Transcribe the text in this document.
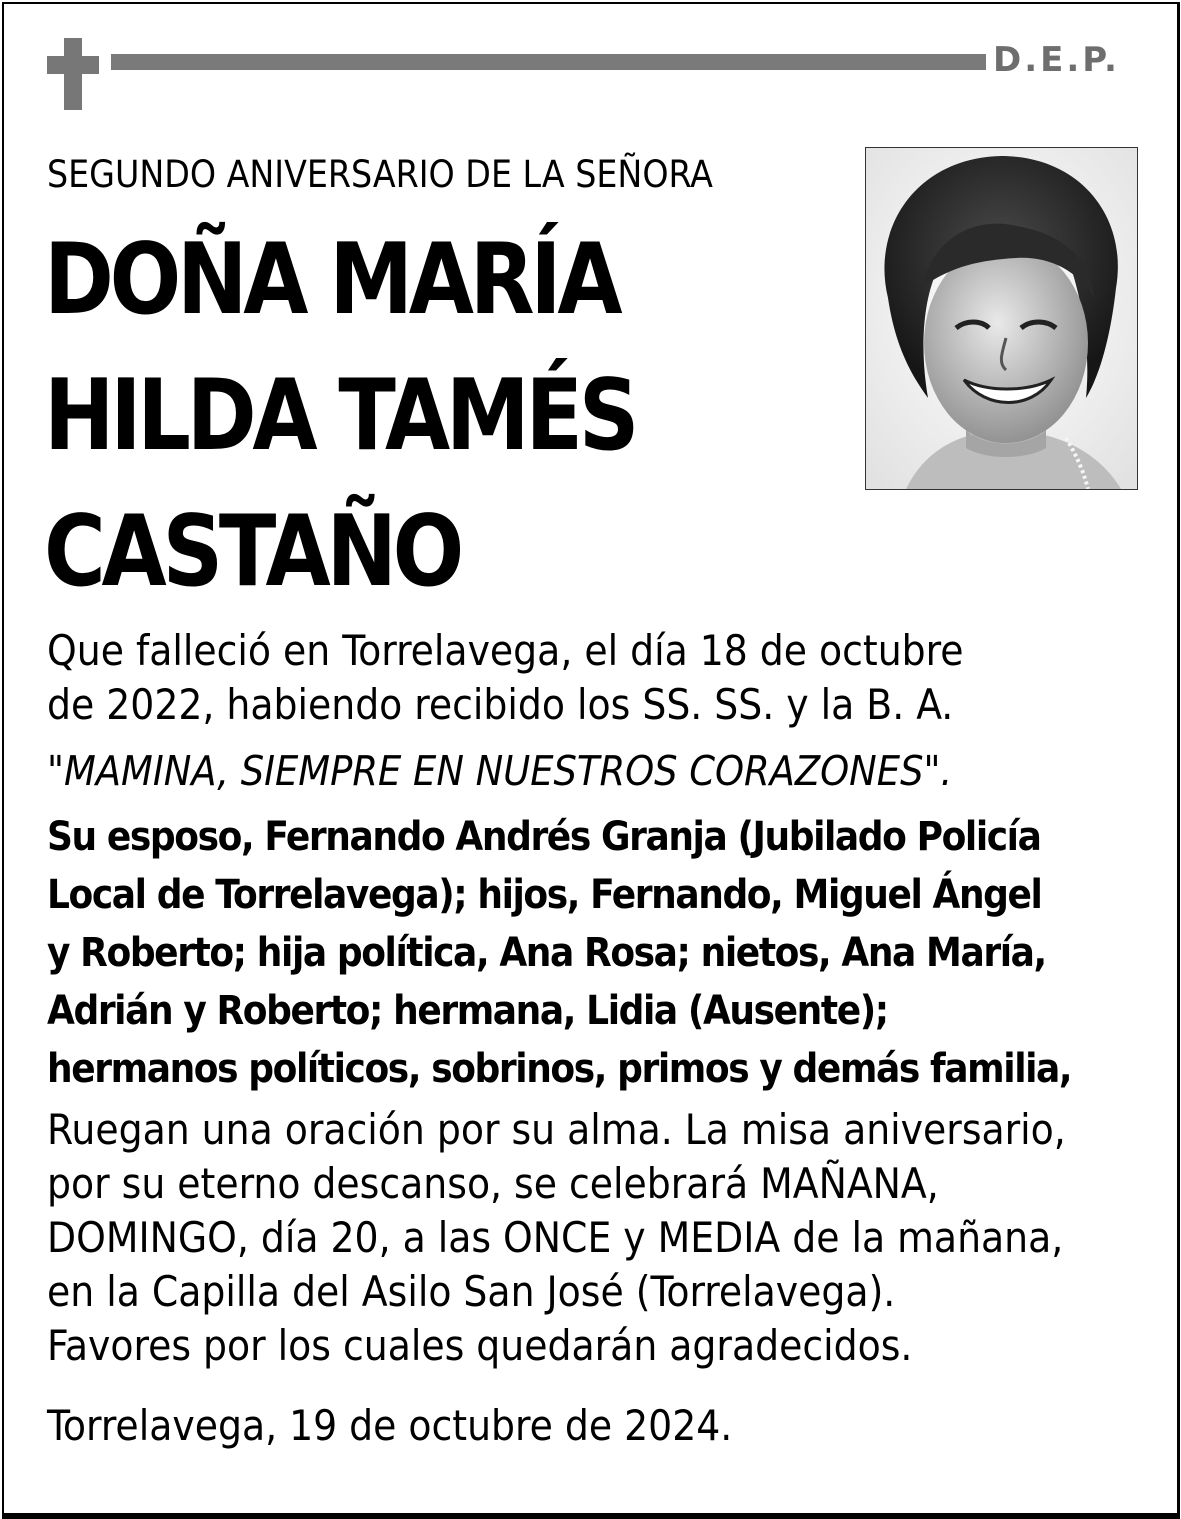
D.E.P.
SEGUNDO ANIVERSARIO DE LA SEÑORA
DOÑA MARÍA
HILDA TAMÉS
CASTAÑO
Que falleció en Torrelavega, el día 18 de octubre
de 2022, habiendo recibido los SS. SS. y la B. A.
"MAMINA, SIEMPRE EN NUESTROS CORAZONES".
Su esposo, Fernando Andrés Granja (Jubilado Policía
Local de Torrelavega); hijos, Fernando, Miguel Ángel
y Roberto; hija política, Ana Rosa; nietos, Ana María,
Adrián y Roberto; hermana, Lidia (Ausente);
hermanos políticos, sobrinos, primos y demás familia,
Ruegan una oración por su alma. La misa aniversario,
por su eterno descanso, se celebrará MAÑANA,
DOMINGO, día 20, a las ONCE y MEDIA de la mañana,
en la Capilla del Asilo San José (Torrelavega).
Favores por los cuales quedarán agradecidos.
Torrelavega, 19 de octubre de 2024.
